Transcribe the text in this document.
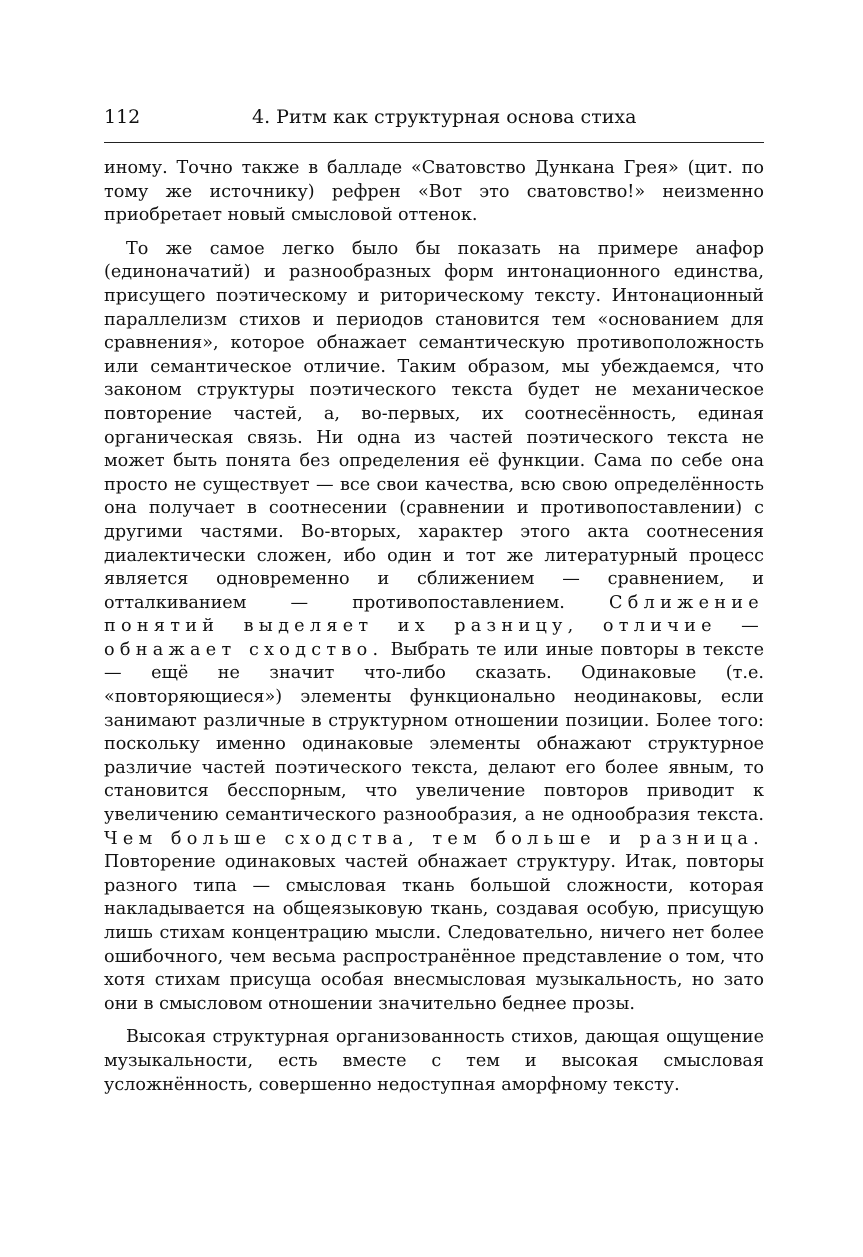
112	4. Ритм как структурная основа стиха

иному. Точно также в балладе «Сватовство Дункана Грея» (цит. по тому же источнику) рефрен «Вот это сватовство!» неизменно приобретает новый смысловой оттенок.

То же самое легко было бы показать на примере анафор (единоначатий) и разнообразных форм интонационного единства, присущего поэтическому и риторическому тексту. Интонационный параллелизм стихов и периодов становится тем «основанием для сравнения», которое обнажает семантическую противоположность или семантическое отличие. Таким образом, мы убеждаемся, что законом структуры поэтического текста будет не механическое повторение частей, а, во-первых, их соотнесённость, единая органическая связь. Ни одна из частей поэтического текста не может быть понята без определения её функции. Сама по себе она просто не существует — все свои качества, всю свою определённость она получает в соотнесении (сравнении и противопоставлении) с другими частями. Во-вторых, характер этого акта соотнесения диалектически сложен, ибо один и тот же литературный процесс является одновременно и сближением — сравнением, и отталкиванием — противопоставлением. Сближение понятий выделяет их разницу, отличие — обнажает сходство. Выбрать те или иные повторы в тексте — ещё не значит что-либо сказать. Одинаковые (т.е. «повторяющиеся») элементы функционально неодинаковы, если занимают различные в структурном отношении позиции. Более того: поскольку именно одинаковые элементы обнажают структурное различие частей поэтического текста, делают его более явным, то становится бесспорным, что увеличение повторов приводит к увеличению семантического разнообразия, а не однообразия текста. Чем больше сходства, тем больше и разница. Повторение одинаковых частей обнажает структуру. Итак, повторы разного типа — смысловая ткань большой сложности, которая накладывается на общеязыковую ткань, создавая особую, присущую лишь стихам концентрацию мысли. Следовательно, ничего нет более ошибочного, чем весьма распространённое представление о том, что хотя стихам присуща особая внесмысловая музыкальность, но зато они в смысловом отношении значительно беднее прозы.

Высокая структурная организованность стихов, дающая ощущение музыкальности, есть вместе с тем и высокая смысловая усложнённость, совершенно недоступная аморфному тексту.
